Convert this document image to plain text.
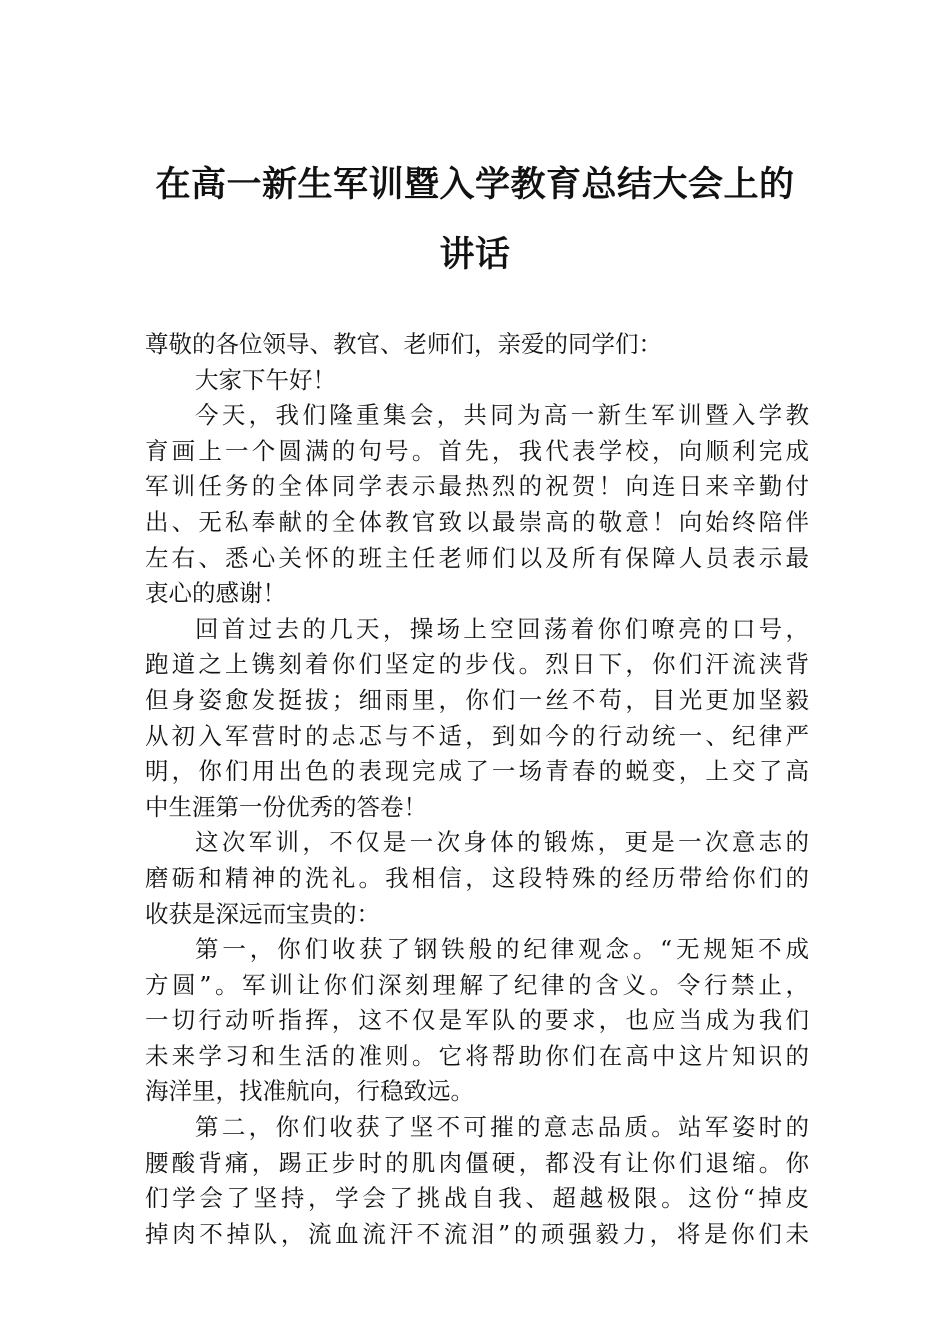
在高一新生军训暨入学教育总结大会上的
讲话
尊敬的各位领导、教官、老师们，亲爱的同学们：
大家下午好！
今天，我们隆重集会，共同为高一新生军训暨入学教
育画上一个圆满的句号。首先，我代表学校，向顺利完成
军训任务的全体同学表示最热烈的祝贺！向连日来辛勤付
出、无私奉献的全体教官致以最崇高的敬意！向始终陪伴
左右、悉心关怀的班主任老师们以及所有保障人员表示最
衷心的感谢！
回首过去的几天，操场上空回荡着你们嘹亮的口号，
跑道之上镌刻着你们坚定的步伐。烈日下，你们汗流浃背
但身姿愈发挺拔；细雨里，你们一丝不苟，目光更加坚毅
从初入军营时的忐忑与不适，到如今的行动统一、纪律严
明，你们用出色的表现完成了一场青春的蜕变，上交了高
中生涯第一份优秀的答卷！
这次军训，不仅是一次身体的锻炼，更是一次意志的
磨砺和精神的洗礼。我相信，这段特殊的经历带给你们的
收获是深远而宝贵的：
第一，你们收获了钢铁般的纪律观念。“无规矩不成
方圆”。军训让你们深刻理解了纪律的含义。令行禁止，
一切行动听指挥，这不仅是军队的要求，也应当成为我们
未来学习和生活的准则。它将帮助你们在高中这片知识的
海洋里，找准航向，行稳致远。
第二，你们收获了坚不可摧的意志品质。站军姿时的
腰酸背痛，踢正步时的肌肉僵硬，都没有让你们退缩。你
们学会了坚持，学会了挑战自我、超越极限。这份“掉皮
掉肉不掉队，流血流汗不流泪”的顽强毅力，将是你们未
